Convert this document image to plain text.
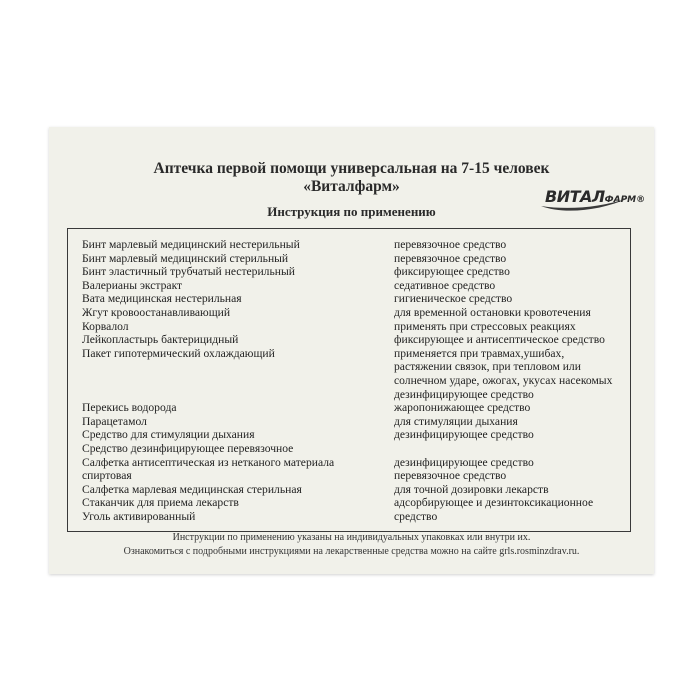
Аптечка первой помощи универсальная на 7-15 человек
«Виталфарм»
ВИТАЛФАРМ®
Инструкция по применению
Бинт марлевый медицинский нестерильный
Бинт марлевый медицинский стерильный
Бинт эластичный трубчатый нестерильный
Валерианы экстракт
Вата медицинская нестерильная
Жгут кровоостанавливающий
Корвалол
Лейкопластырь бактерицидный
Пакет гипотермический охлаждающий
Перекись водорода
Парацетамол
Средство для стимуляции дыхания
Средство дезинфицирующее перевязочное
Салфетка антисептическая из нетканого материала
спиртовая
Салфетка марлевая медицинская стерильная
Стаканчик для приема лекарств
Уголь активированный
перевязочное средство
перевязочное средство
фиксирующее средство
седативное средство
гигиеническое средство
для временной остановки кровотечения
применять при стрессовых реакциях
фиксирующее и антисептическое средство
применяется при травмах,ушибах,
растяжении связок, при тепловом или
солнечном ударе, ожогах, укусах насекомых
дезинфицирующее средство
жаропонижающее средство
для стимуляции дыхания
дезинфицирующее средство
дезинфицирующее средство
перевязочное средство
для точной дозировки лекарств
адсорбирующее и дезинтоксикационное
средство
Инструкции по применению указаны на индивидуальных упаковках или внутри их.
Ознакомиться с подробными инструкциями на лекарственные средства можно на сайте grls.rosminzdrav.ru.
